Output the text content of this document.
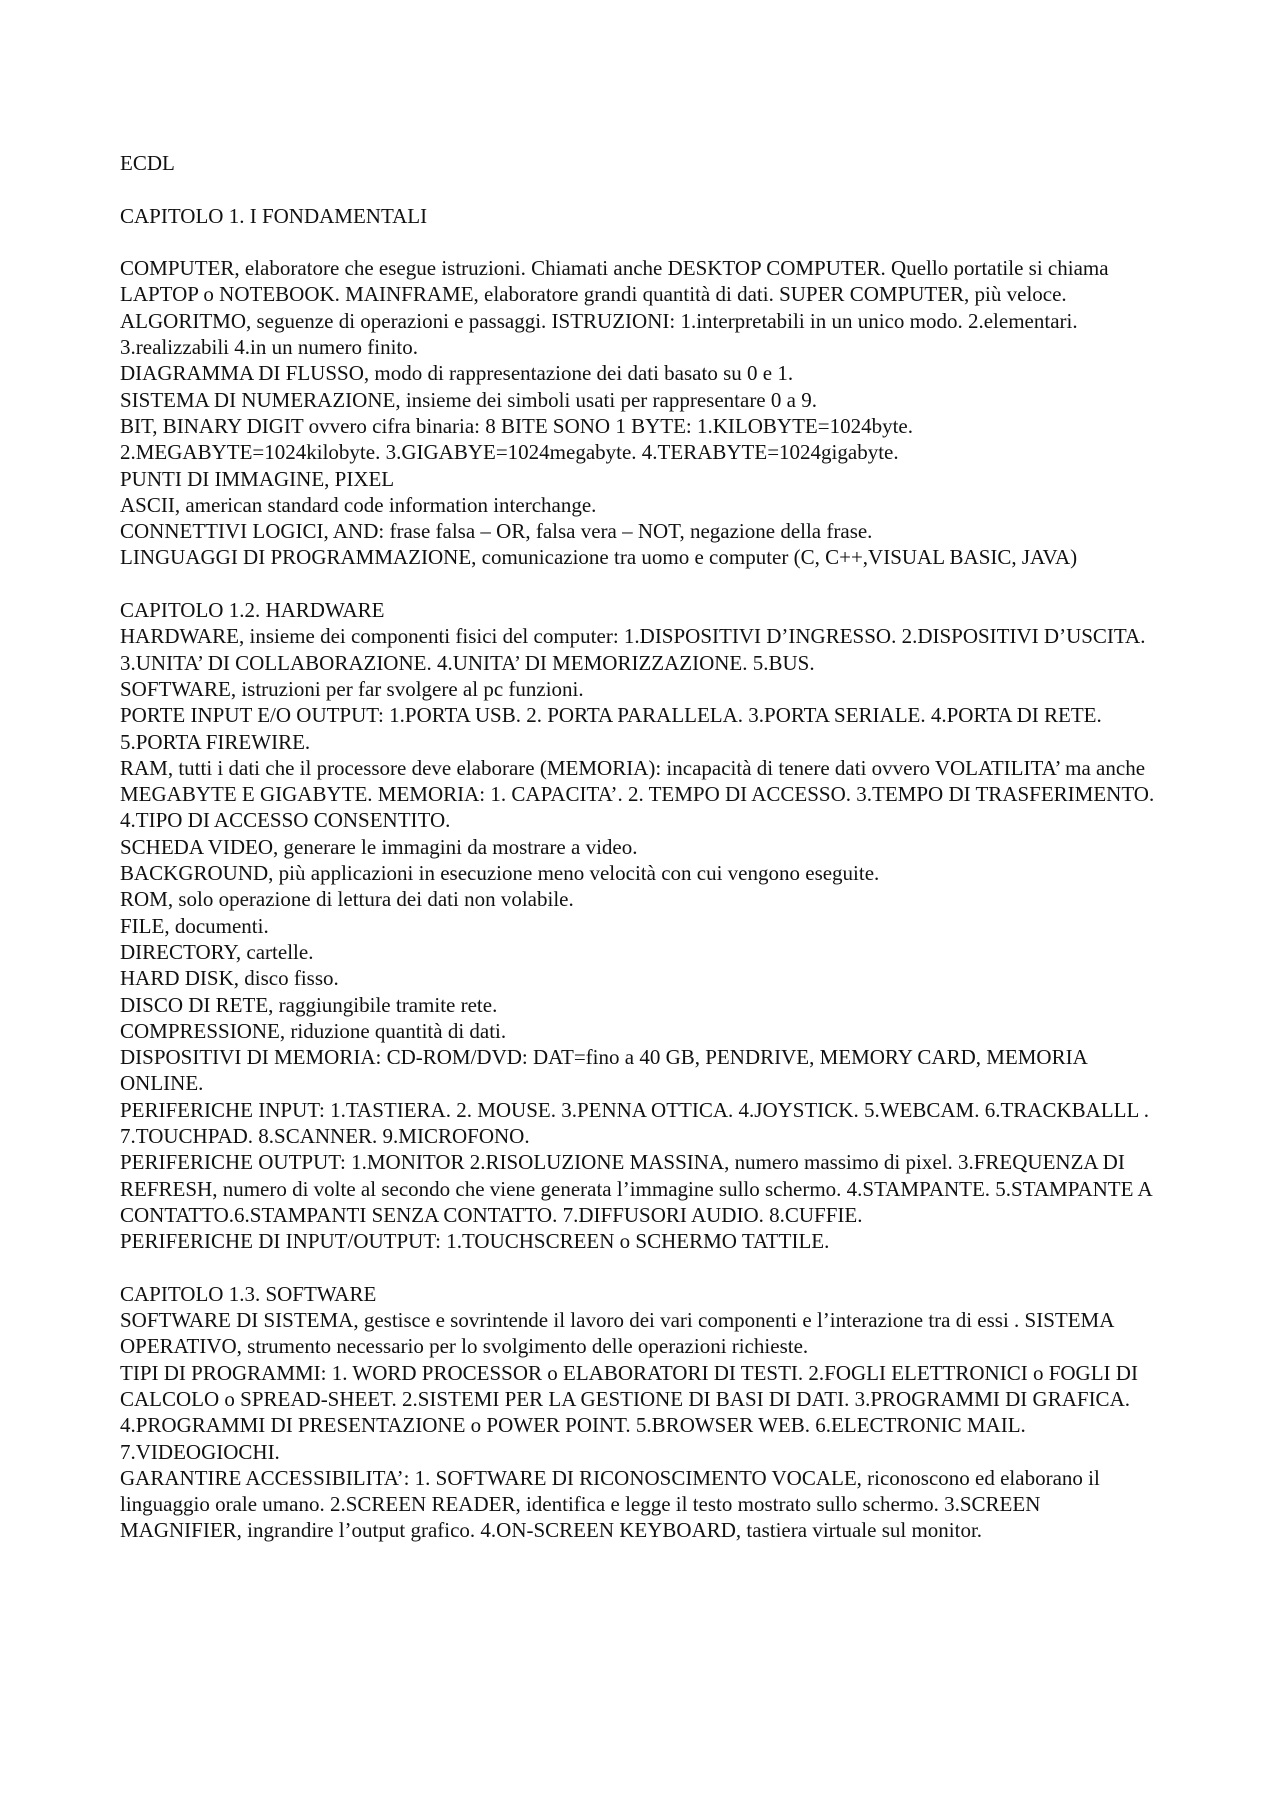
ECDL

CAPITOLO 1. I FONDAMENTALI

COMPUTER, elaboratore che esegue istruzioni. Chiamati anche DESKTOP COMPUTER. Quello portatile si chiama LAPTOP o NOTEBOOK. MAINFRAME, elaboratore grandi quantità di dati. SUPER COMPUTER, più veloce.

ALGORITMO, seguenze di operazioni e passaggi. ISTRUZIONI: 1.interpretabili in un unico modo. 2.elementari. 3.realizzabili 4.in un numero finito.

DIAGRAMMA DI FLUSSO, modo di rappresentazione dei dati basato su 0 e 1.

SISTEMA DI NUMERAZIONE, insieme dei simboli usati per rappresentare 0 a 9.

BIT, BINARY DIGIT ovvero cifra binaria: 8 BITE SONO 1 BYTE: 1.KILOBYTE=1024byte. 2.MEGABYTE=1024kilobyte. 3.GIGABYE=1024megabyte. 4.TERABYTE=1024gigabyte.

PUNTI DI IMMAGINE, PIXEL

ASCII, american standard code information interchange.

CONNETTIVI LOGICI, AND: frase falsa – OR, falsa vera – NOT, negazione della frase.

LINGUAGGI DI PROGRAMMAZIONE, comunicazione tra uomo e computer (C, C++,VISUAL BASIC, JAVA)

CAPITOLO 1.2. HARDWARE

HARDWARE, insieme dei componenti fisici del computer: 1.DISPOSITIVI D’INGRESSO. 2.DISPOSITIVI D’USCITA. 3.UNITA’ DI COLLABORAZIONE. 4.UNITA’ DI MEMORIZZAZIONE. 5.BUS.

SOFTWARE, istruzioni per far svolgere al pc funzioni.

PORTE INPUT E/O OUTPUT: 1.PORTA USB. 2. PORTA PARALLELA. 3.PORTA SERIALE. 4.PORTA DI RETE. 5.PORTA FIREWIRE.

RAM, tutti i dati che il processore deve elaborare (MEMORIA): incapacità di tenere dati ovvero VOLATILITA’ ma anche MEGABYTE E GIGABYTE. MEMORIA: 1. CAPACITA’. 2. TEMPO DI ACCESSO. 3.TEMPO DI TRASFERIMENTO. 4.TIPO DI ACCESSO CONSENTITO.

SCHEDA VIDEO, generare le immagini da mostrare a video.

BACKGROUND, più applicazioni in esecuzione meno velocità con cui vengono eseguite.

ROM, solo operazione di lettura dei dati non volabile.

FILE, documenti.

DIRECTORY, cartelle.

HARD DISK, disco fisso.

DISCO DI RETE, raggiungibile tramite rete.

COMPRESSIONE, riduzione quantità di dati.

DISPOSITIVI DI MEMORIA: CD-ROM/DVD: DAT=fino a 40 GB, PENDRIVE, MEMORY CARD, MEMORIA ONLINE.

PERIFERICHE INPUT: 1.TASTIERA. 2. MOUSE. 3.PENNA OTTICA. 4.JOYSTICK. 5.WEBCAM. 6.TRACKBALLL . 7.TOUCHPAD. 8.SCANNER. 9.MICROFONO.

PERIFERICHE OUTPUT: 1.MONITOR 2.RISOLUZIONE MASSINA, numero massimo di pixel. 3.FREQUENZA DI REFRESH, numero di volte al secondo che viene generata l’immagine sullo schermo. 4.STAMPANTE. 5.STAMPANTE A CONTATTO.6.STAMPANTI SENZA CONTATTO. 7.DIFFUSORI AUDIO. 8.CUFFIE.

PERIFERICHE DI INPUT/OUTPUT: 1.TOUCHSCREEN o SCHERMO TATTILE.

CAPITOLO 1.3. SOFTWARE

SOFTWARE DI SISTEMA, gestisce e sovrintende il lavoro dei vari componenti e l’interazione tra di essi . SISTEMA OPERATIVO, strumento necessario per lo svolgimento delle operazioni richieste.

TIPI DI PROGRAMMI: 1. WORD PROCESSOR o ELABORATORI DI TESTI. 2.FOGLI ELETTRONICI o FOGLI DI CALCOLO o SPREAD-SHEET. 2.SISTEMI PER LA GESTIONE DI BASI DI DATI. 3.PROGRAMMI DI GRAFICA. 4.PROGRAMMI DI PRESENTAZIONE o POWER POINT. 5.BROWSER WEB. 6.ELECTRONIC MAIL. 7.VIDEOGIOCHI.

GARANTIRE ACCESSIBILITA’: 1. SOFTWARE DI RICONOSCIMENTO VOCALE, riconoscono ed elaborano il linguaggio orale umano. 2.SCREEN READER, identifica e legge il testo mostrato sullo schermo. 3.SCREEN MAGNIFIER, ingrandire l’output grafico. 4.ON-SCREEN KEYBOARD, tastiera virtuale sul monitor.
